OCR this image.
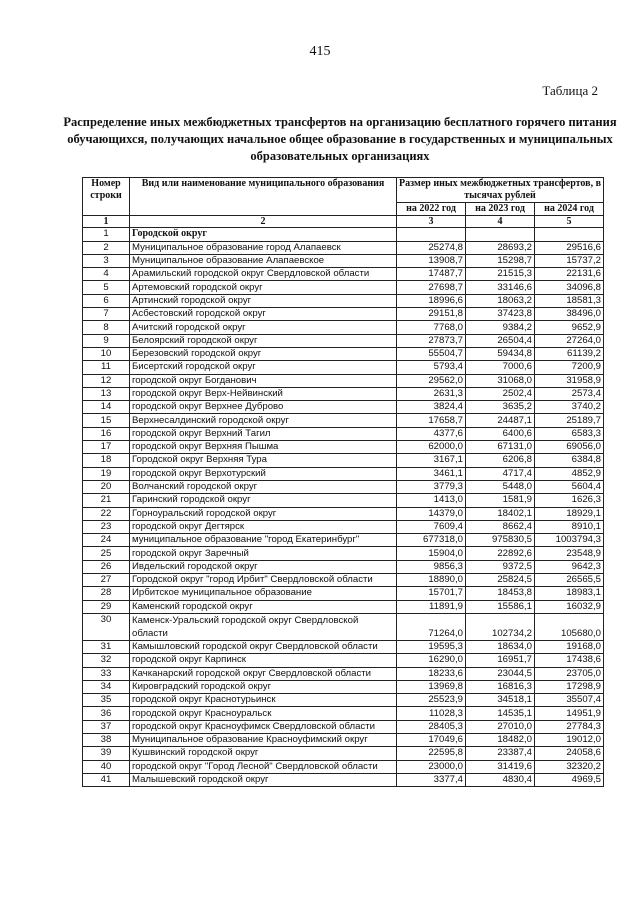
415
Таблица 2
Распределение иных межбюджетных трансфертов на организацию бесплатного горячего питания обучающихся, получающих начальное общее образование в государственных и муниципальных образовательных организациях
Номер строки	Вид или наименование муниципального образования	Размер иных межбюджетных трансфертов, в тысячах рублей		
		на 2022 год	на 2023 год	на 2024 год
1	2	3	4	5
1	Городской округ			
2	Муниципальное образование город Алапаевск	25274,8	28693,2	29516,6
3	Муниципальное образование Алапаевское	13908,7	15298,7	15737,2
4	Арамильский городской округ Свердловской области	17487,7	21515,3	22131,6
5	Артемовский городской округ	27698,7	33146,6	34096,8
6	Артинский городской округ	18996,6	18063,2	18581,3
7	Асбестовский городской округ	29151,8	37423,8	38496,0
8	Ачитский городской округ	7768,0	9384,2	9652,9
9	Белоярский городской округ	27873,7	26504,4	27264,0
10	Березовский городской округ	55504,7	59434,8	61139,2
11	Бисертский городской округ	5793,4	7000,6	7200,9
12	городской округ Богданович	29562,0	31068,0	31958,9
13	городской округ Верх-Нейвинский	2631,3	2502,4	2573,4
14	городской округ Верхнее Дуброво	3824,4	3635,2	3740,2
15	Верхнесалдинский городской округ	17658,7	24487,1	25189,7
16	городской округ Верхний Тагил	4377,6	6400,6	6583,3
17	городской округ Верхняя Пышма	62000,0	67131,0	69056,0
18	Городской округ Верхняя Тура	3167,1	6206,8	6384,8
19	городской округ Верхотурский	3461,1	4717,4	4852,9
20	Волчанский городской округ	3779,3	5448,0	5604,4
21	Гаринский городской округ	1413,0	1581,9	1626,3
22	Горноуральский городской округ	14379,0	18402,1	18929,1
23	городской округ Дегтярск	7609,4	8662,4	8910,1
24	муниципальное образование "город Екатеринбург"	677318,0	975830,5	1003794,3
25	городской округ Заречный	15904,0	22892,6	23548,9
26	Ивдельский городской округ	9856,3	9372,5	9642,3
27	Городской округ "город Ирбит" Свердловской области	18890,0	25824,5	26565,5
28	Ирбитское муниципальное образование	15701,7	18453,8	18983,1
29	Каменский городской округ	11891,9	15586,1	16032,9
30	Каменск-Уральский городской округ Свердловской области	71264,0	102734,2	105680,0
31	Камышловский городской округ Свердловской области	19595,3	18634,0	19168,0
32	городской округ Карпинск	16290,0	16951,7	17438,6
33	Качканарский городской округ Свердловской области	18233,6	23044,5	23705,0
34	Кировградский городской округ	13969,8	16816,3	17298,9
35	городской округ Краснотурьинск	25523,9	34518,1	35507,4
36	городской округ Красноуральск	11028,3	14535,1	14951,9
37	городской округ Красноуфимск Свердловской области	28405,3	27010,0	27784,3
38	Муниципальное образование Красноуфимский округ	17049,6	18482,0	19012,0
39	Кушвинский городской округ	22595,8	23387,4	24058,6
40	городской округ "Город Лесной" Свердловской области	23000,0	31419,6	32320,2
41	Малышевский городской округ	3377,4	4830,4	4969,5
